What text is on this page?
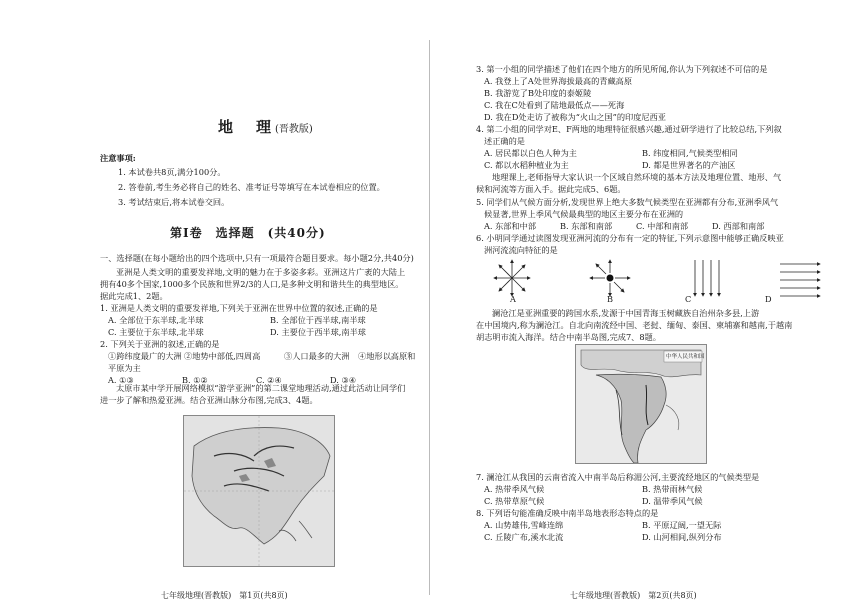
地　理(晋教版)
注意事项:
1. 本试卷共8页,满分100分。
2. 答卷前,考生务必将自己的姓名、准考证号等填写在本试卷相应的位置。
3. 考试结束后,将本试卷交回。
第Ⅰ卷　选择题　(共40分)
一、选择题(在每小题给出的四个选项中,只有一项最符合题目要求。每小题2分,共40分)
亚洲是人类文明的重要发祥地,文明的魅力在于多姿多彩。亚洲这片广袤的大陆上
拥有40多个国家,1000多个民族和世界2/3的人口,是多种文明和谐共生的典型地区。
据此完成1、2题。
1. 亚洲是人类文明的重要发祥地,下列关于亚洲在世界中位置的叙述,正确的是
A. 全部位于东半球,北半球	B. 全部位于西半球,南半球
C. 主要位于东半球,北半球	D. 主要位于西半球,南半球
2. 下列关于亚洲的叙述,正确的是
①跨纬度最广的大洲 ②地势中部低,四周高	③人口最多的大洲 ④地形以高原和
平原为主
A. ①③	B. ①②	C. ②④	D. ③④
太原市某中学开展网络模拟“游学亚洲”的第二课堂地理活动,通过此活动让同学们
进一步了解和热爱亚洲。结合亚洲山脉分布图,完成3、4题。
七年级地理(晋教版)　第1页(共8页)
3. 第一小组的同学描述了他们在四个地方的所见所闻,你认为下列叙述不可信的是
A. 我登上了A处世界海拔最高的青藏高原
B. 我游览了B处印度的泰姬陵
C. 我在C处看到了陆地最低点——死海
D. 我在D处走访了被称为“火山之国”的印度尼西亚
4. 第二小组的同学对E、F两地的地理特征很感兴趣,通过研学进行了比较总结,下列叙
述正确的是
A. 居民都以白色人种为主	B. 纬度相同,气候类型相同
C. 都以水稻种植业为主	D. 都是世界著名的产油区
地理课上,老师指导大家认识一个区域自然环境的基本方法及地理位置、地形、气
候和河流等方面入手。据此完成5、6题。
5. 同学们从气候方面分析,发现世界上绝大多数气候类型在亚洲都有分布,亚洲季风气
候显著,世界上季风气候最典型的地区主要分布在亚洲的
A. 东部和中部	B. 东部和南部	C. 中部和南部	D. 西部和南部
6. 小明同学通过读图发现亚洲河流的分布有一定的特征,下列示意图中能够正确反映亚
洲河流流向特征的是
A	B	C	D
澜沧江是亚洲重要的跨国水系,发源于中国青海玉树藏族自治州杂多县,上游
在中国境内,称为澜沧江。自北向南流经中国、老挝、缅甸、泰国、柬埔寨和越南,于越南
胡志明市流入海洋。结合中南半岛图,完成7、8题。
中华人民共和国
7. 澜沧江从我国的云南省流入中南半岛后称湄公河,主要流经地区的气候类型是
A. 热带季风气候	B. 热带雨林气候
C. 热带草原气候	D. 温带季风气候
8. 下列语句能准确反映中南半岛地表形态特点的是
A. 山势雄伟,雪峰连绵	B. 平原辽阔,一望无际
C. 丘陵广布,溪水北流	D. 山河相间,纵列分布
七年级地理(晋教版)　第2页(共8页)
